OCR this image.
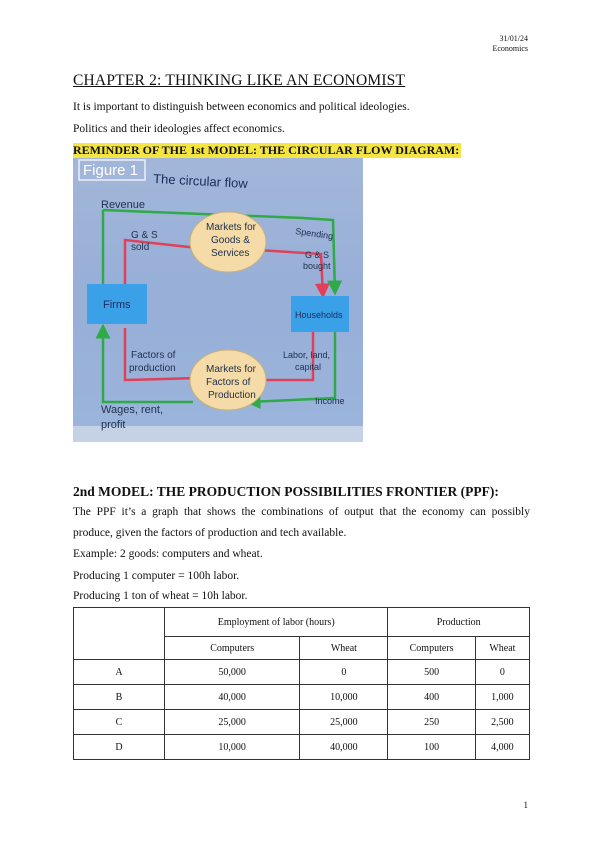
31/01/24
Economics
CHAPTER 2: THINKING LIKE AN ECONOMIST
It is important to distinguish between economics and political ideologies.
Politics and their ideologies affect economics.
REMINDER OF THE 1st MODEL: THE CIRCULAR FLOW DIAGRAM:
Figure 1
The circular flow
Revenue
G & S
sold
Markets for
Goods &
Services
Spending
G & S
bought
Firms
Households
Factors of
production
Labor, land,
capital
Markets for
Factors of
Production	Income
Wages, rent,
profit
2nd MODEL: THE PRODUCTION POSSIBILITIES FRONTIER (PPF):
The PPF it’s a graph that shows the combinations of output that the economy can possibly produce, given the factors of production and tech available.
Example: 2 goods: computers and wheat.
Producing 1 computer = 100h labor.
Producing 1 ton of wheat = 10h labor.
	Employment of labor (hours)		Production	
	Computers	Wheat	Computers	Wheat
A	50,000	0	500	0
B	40,000	10,000	400	1,000
C	25,000	25,000	250	2,500
D	10,000	40,000	100	4,000
1
